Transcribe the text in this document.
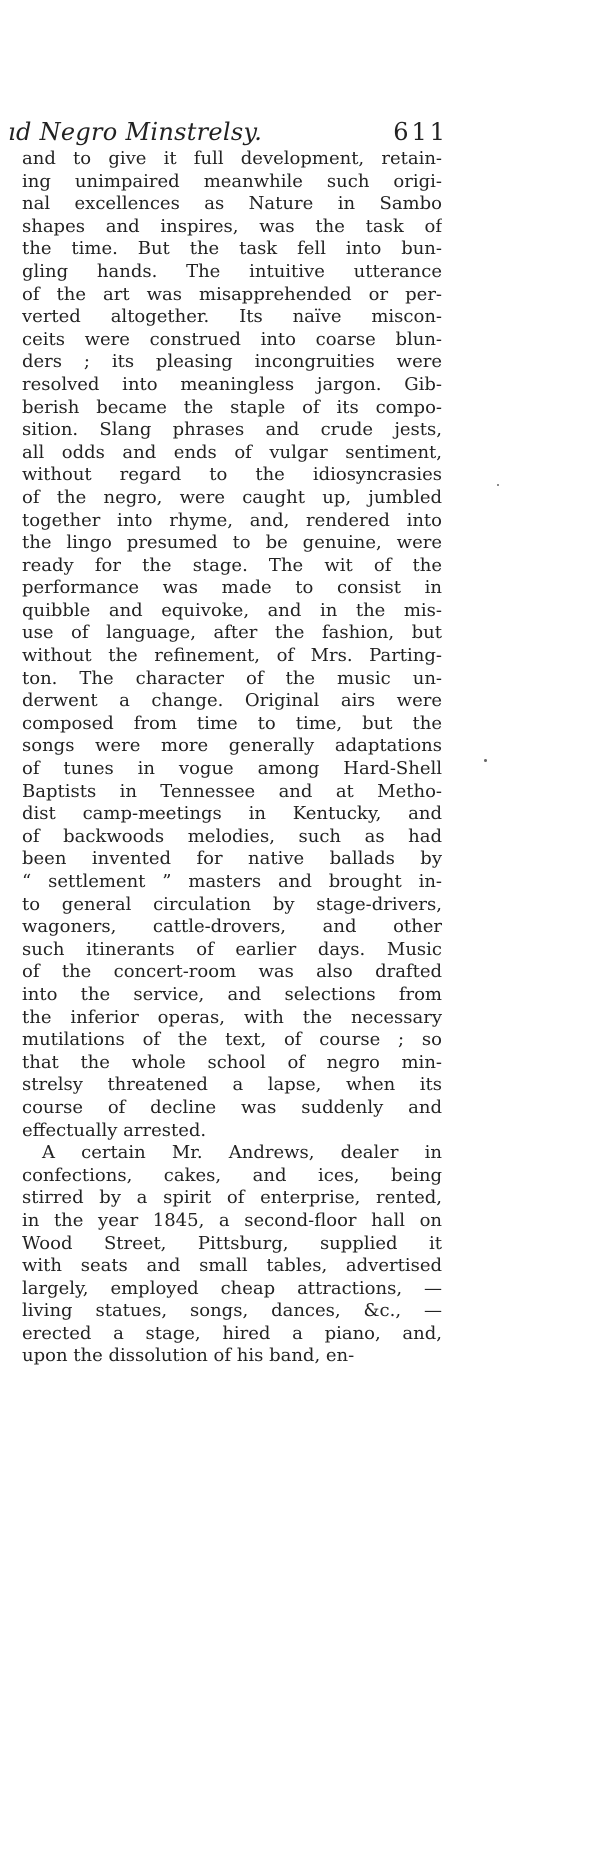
ıd Negro Minstrelsy.	611
and to give it full development, retain-
ing unimpaired meanwhile such origi-
nal excellences as Nature in Sambo
shapes and inspires, was the task of
the time. But the task fell into bun-
gling hands. The intuitive utterance
of the art was misapprehended or per-
verted altogether. Its naïve miscon-
ceits were construed into coarse blun-
ders ; its pleasing incongruities were
resolved into meaningless jargon. Gib-
berish became the staple of its compo-
sition. Slang phrases and crude jests,
all odds and ends of vulgar sentiment,
without regard to the idiosyncrasies
of the negro, were caught up, jumbled
together into rhyme, and, rendered into
the lingo presumed to be genuine, were
ready for the stage. The wit of the
performance was made to consist in
quibble and equivoke, and in the mis-
use of language, after the fashion, but
without the refinement, of Mrs. Parting-
ton. The character of the music un-
derwent a change. Original airs were
composed from time to time, but the
songs were more generally adaptations
of tunes in vogue among Hard-Shell
Baptists in Tennessee and at Metho-
dist camp-meetings in Kentucky, and
of backwoods melodies, such as had
been invented for native ballads by
“ settlement ” masters and brought in-
to general circulation by stage-drivers,
wagoners, cattle-drovers, and other
such itinerants of earlier days. Music
of the concert-room was also drafted
into the service, and selections from
the inferior operas, with the necessary
mutilations of the text, of course ; so
that the whole school of negro min-
strelsy threatened a lapse, when its
course of decline was suddenly and
effectually arrested.
A certain Mr. Andrews, dealer in
confections, cakes, and ices, being
stirred by a spirit of enterprise, rented,
in the year 1845, a second-floor hall on
Wood Street, Pittsburg, supplied it
with seats and small tables, advertised
largely, employed cheap attractions, —
living statues, songs, dances, &c., —
erected a stage, hired a piano, and,
upon the dissolution of his band, en-
